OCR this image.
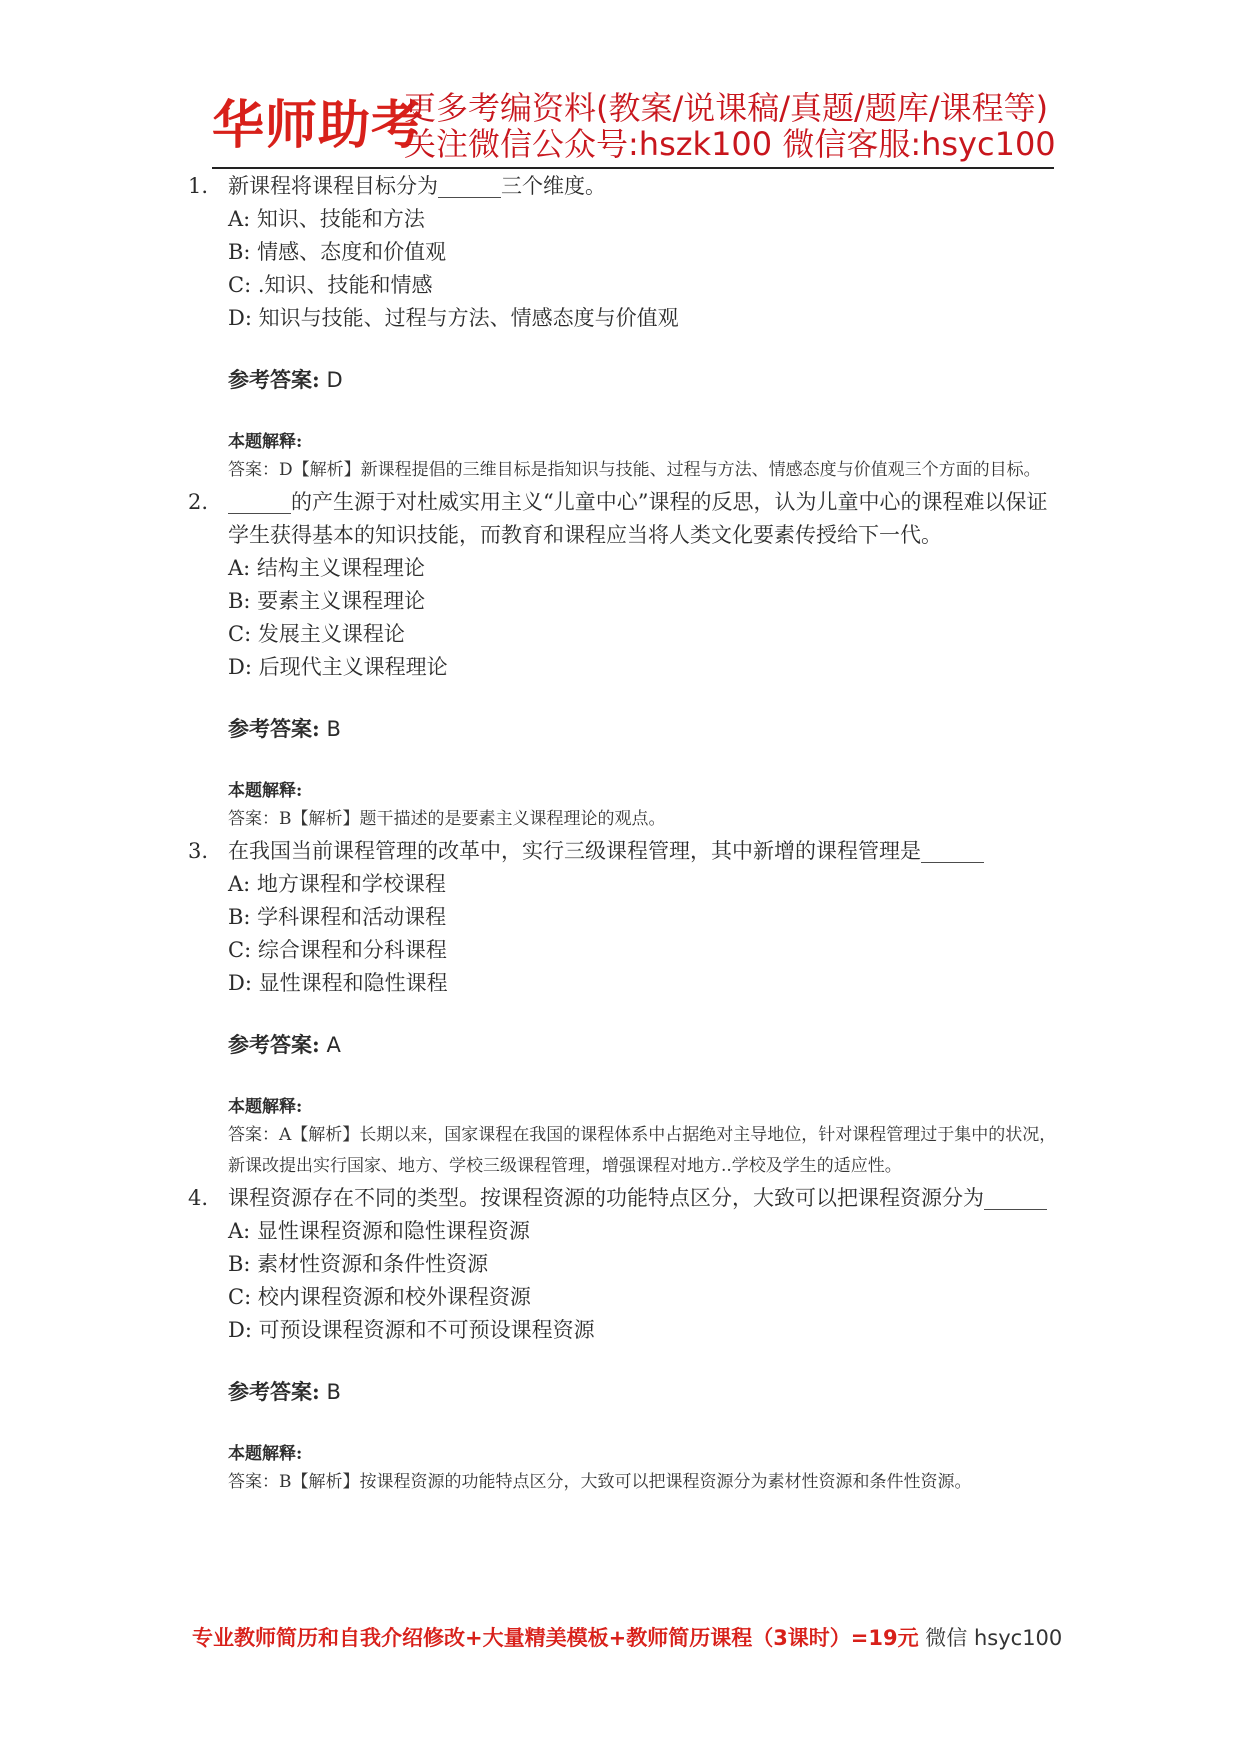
华师助考
更多考编资料(教案/说课稿/真题/题库/课程等)
关注微信公众号:hszk100 微信客服:hsyc100
1. 新课程将课程目标分为______三个维度。
A: 知识、技能和方法
B: 情感、态度和价值观
C: .知识、技能和情感
D: 知识与技能、过程与方法、情感态度与价值观
参考答案: D
本题解释:
答案：D【解析】新课程提倡的三维目标是指知识与技能、过程与方法、情感态度与价值观三个方面的目标。
2. ______的产生源于对杜威实用主义“儿童中心”课程的反思，认为儿童中心的课程难以保证学生获得基本的知识技能，而教育和课程应当将人类文化要素传授给下一代。
A: 结构主义课程理论
B: 要素主义课程理论
C: 发展主义课程论
D: 后现代主义课程理论
参考答案: B
本题解释:
答案：B【解析】题干描述的是要素主义课程理论的观点。
3. 在我国当前课程管理的改革中，实行三级课程管理，其中新增的课程管理是______
A: 地方课程和学校课程
B: 学科课程和活动课程
C: 综合课程和分科课程
D: 显性课程和隐性课程
参考答案: A
本题解释:
答案：A【解析】长期以来，国家课程在我国的课程体系中占据绝对主导地位，针对课程管理过于集中的状况，新课改提出实行国家、地方、学校三级课程管理，增强课程对地方..学校及学生的适应性。
4. 课程资源存在不同的类型。按课程资源的功能特点区分，大致可以把课程资源分为______
A: 显性课程资源和隐性课程资源
B: 素材性资源和条件性资源
C: 校内课程资源和校外课程资源
D: 可预设课程资源和不可预设课程资源
参考答案: B
本题解释:
答案：B【解析】按课程资源的功能特点区分，大致可以把课程资源分为素材性资源和条件性资源。
专业教师简历和自我介绍修改+大量精美模板+教师简历课程（3课时）=19元 微信 hsyc100
